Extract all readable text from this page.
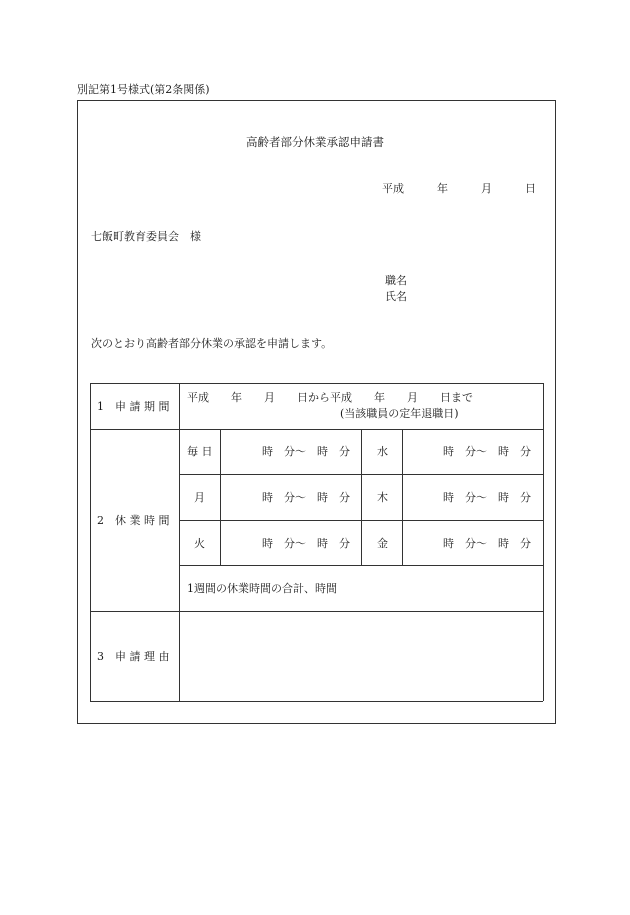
別記第1号様式(第2条関係)
高齢者部分休業承認申請書
平成	年	月	日
七飯町教育委員会　様
職名
氏名
次のとおり高齢者部分休業の承認を申請します。
1　申 請 期 間
平成　　年　　月　　日から平成　　年　　月　　日まで
(当該職員の定年退職日)
2　休 業 時 間
毎 日	時　分〜　時　分 水	時　分〜　時　分
月	時　分〜　時　分 木	時　分〜　時　分
火	時　分〜　時　分 金	時　分〜　時　分
1週間の休業時間の合計、時間
3　申 請 理 由
